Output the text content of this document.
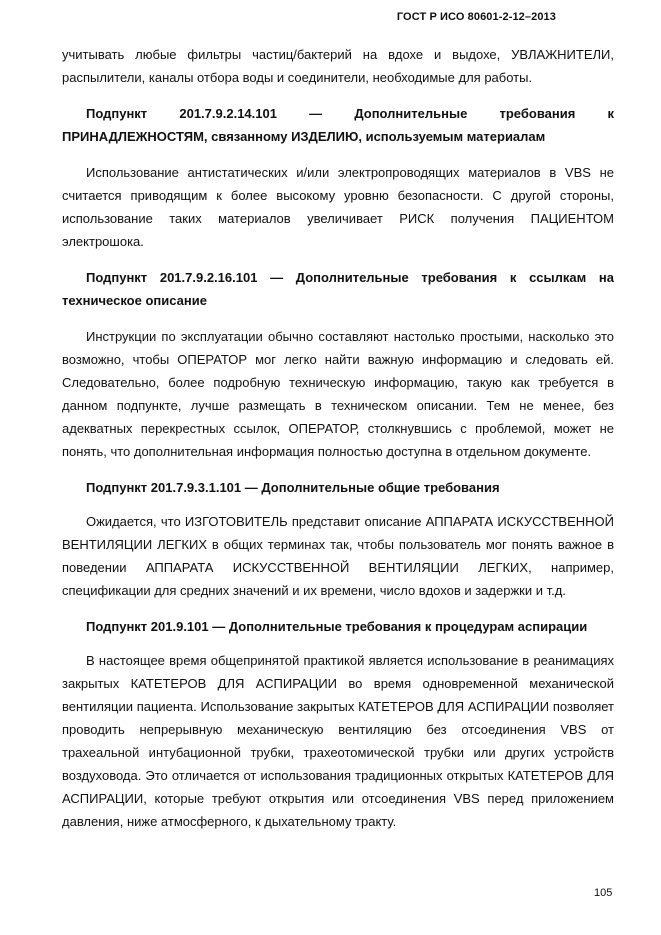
ГОСТ Р ИСО 80601-2-12–2013

учитывать любые фильтры частиц/бактерий на вдохе и выдохе, УВЛАЖНИТЕЛИ, распылители, каналы отбора воды и соединители, необходимые для работы.

Подпункт 201.7.9.2.14.101 — Дополнительные требования к ПРИНАДЛЕЖНОСТЯМ, связанному ИЗДЕЛИЮ, используемым материалам

Использование антистатических и/или электропроводящих материалов в VBS не считается приводящим к более высокому уровню безопасности. С другой стороны, использование таких материалов увеличивает РИСК получения ПАЦИЕНТОМ электрошока.

Подпункт 201.7.9.2.16.101 — Дополнительные требования к ссылкам на техническое описание

Инструкции по эксплуатации обычно составляют настолько простыми, насколько это возможно, чтобы ОПЕРАТОР мог легко найти важную информацию и следовать ей. Следовательно, более подробную техническую информацию, такую как требуется в данном подпункте, лучше размещать в техническом описании. Тем не менее, без адекватных перекрестных ссылок, ОПЕРАТОР, столкнувшись с проблемой, может не понять, что дополнительная информация полностью доступна в отдельном документе.

Подпункт 201.7.9.3.1.101 — Дополнительные общие требования

Ожидается, что ИЗГОТОВИТЕЛЬ представит описание АППАРАТА ИСКУССТВЕННОЙ ВЕНТИЛЯЦИИ ЛЕГКИХ в общих терминах так, чтобы пользователь мог понять важное в поведении АППАРАТА ИСКУССТВЕННОЙ ВЕНТИЛЯЦИИ ЛЕГКИХ, например, спецификации для средних значений и их времени, число вдохов и задержки и т.д.

Подпункт 201.9.101 — Дополнительные требования к процедурам аспирации

В настоящее время общепринятой практикой является использование в реанимациях закрытых КАТЕТЕРОВ ДЛЯ АСПИРАЦИИ во время одновременной механической вентиляции пациента. Использование закрытых КАТЕТЕРОВ ДЛЯ АСПИРАЦИИ позволяет проводить непрерывную механическую вентиляцию без отсоединения VBS от трахеальной интубационной трубки, трахеотомической трубки или других устройств воздуховода. Это отличается от использования традиционных открытых КАТЕТЕРОВ ДЛЯ АСПИРАЦИИ, которые требуют открытия или отсоединения VBS перед приложением давления, ниже атмосферного, к дыхательному тракту.

105
